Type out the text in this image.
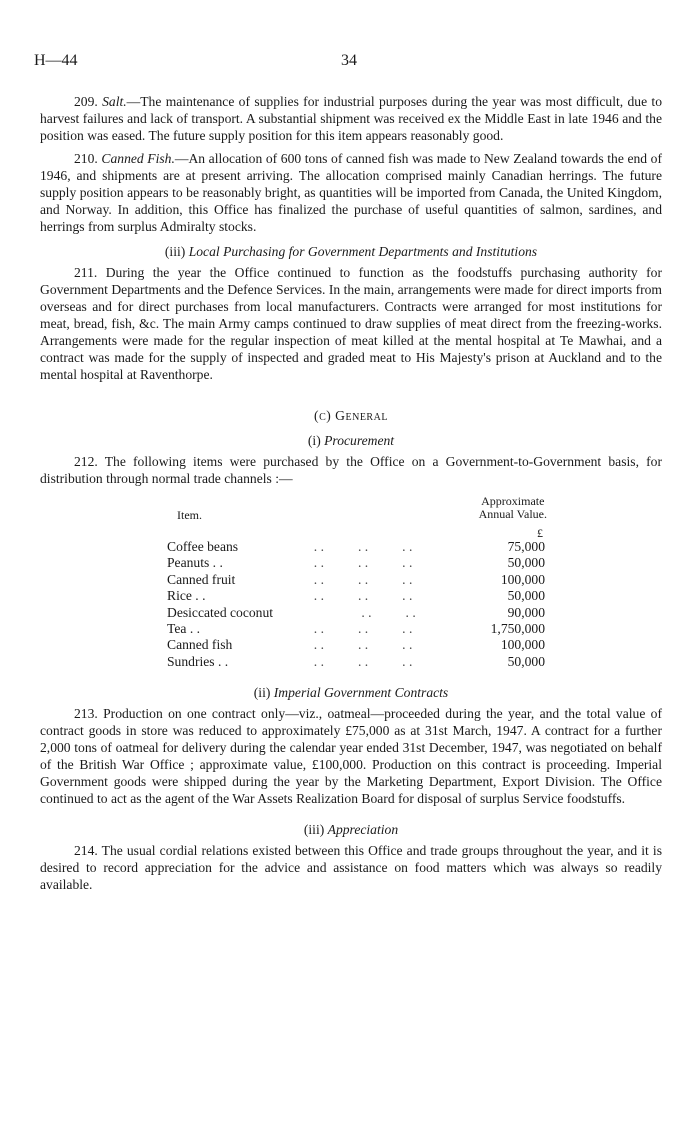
H—44	34

209. Salt.—The maintenance of supplies for industrial purposes during the year was most difficult, due to harvest failures and lack of transport. A substantial shipment was received ex the Middle East in late 1946 and the position was eased. The future supply position for this item appears reasonably good.

210. Canned Fish.—An allocation of 600 tons of canned fish was made to New Zealand towards the end of 1946, and shipments are at present arriving. The allocation comprised mainly Canadian herrings. The future supply position appears to be reasonably bright, as quantities will be imported from Canada, the United Kingdom, and Norway. In addition, this Office has finalized the purchase of useful quantities of salmon, sardines, and herrings from surplus Admiralty stocks.

(iii) Local Purchasing for Government Departments and Institutions

211. During the year the Office continued to function as the foodstuffs purchasing authority for Government Departments and the Defence Services. In the main, arrangements were made for direct imports from overseas and for direct purchases from local manufacturers. Contracts were arranged for most institutions for meat, bread, fish, &c. The main Army camps continued to draw supplies of meat direct from the freezing-works. Arrangements were made for the regular inspection of meat killed at the mental hospital at Te Mawhai, and a contract was made for the supply of inspected and graded meat to His Majesty's prison at Auckland and to the mental hospital at Raventhorpe.

(c) General
(i) Procurement

212. The following items were purchased by the Office on a Government-to-Government basis, for distribution through normal trade channels :—

Item.
Approximate
Annual Value.
£
Coffee beans	. .          . .          . .	75,000
Peanuts . .	. .          . .          . .	50,000
Canned fruit	. .          . .          . .	100,000
Rice . .	. .          . .          . .	50,000
Desiccated coconut . .          . .	90,000
Tea . .	. .          . .          . .	1,750,000
Canned fish	. .          . .          . .	100,000
Sundries . .	. .          . .          . .	50,000
(ii) Imperial Government Contracts

213. Production on one contract only—viz., oatmeal—proceeded during the year, and the total value of contract goods in store was reduced to approximately £75,000 as at 31st March, 1947. A contract for a further 2,000 tons of oatmeal for delivery during the calendar year ended 31st December, 1947, was negotiated on behalf of the British War Office ; approximate value, £100,000. Production on this contract is proceeding. Imperial Government goods were shipped during the year by the Marketing Department, Export Division. The Office continued to act as the agent of the War Assets Realization Board for disposal of surplus Service foodstuffs.

(iii) Appreciation

214. The usual cordial relations existed between this Office and trade groups throughout the year, and it is desired to record appreciation for the advice and assistance on food matters which was always so readily available.
